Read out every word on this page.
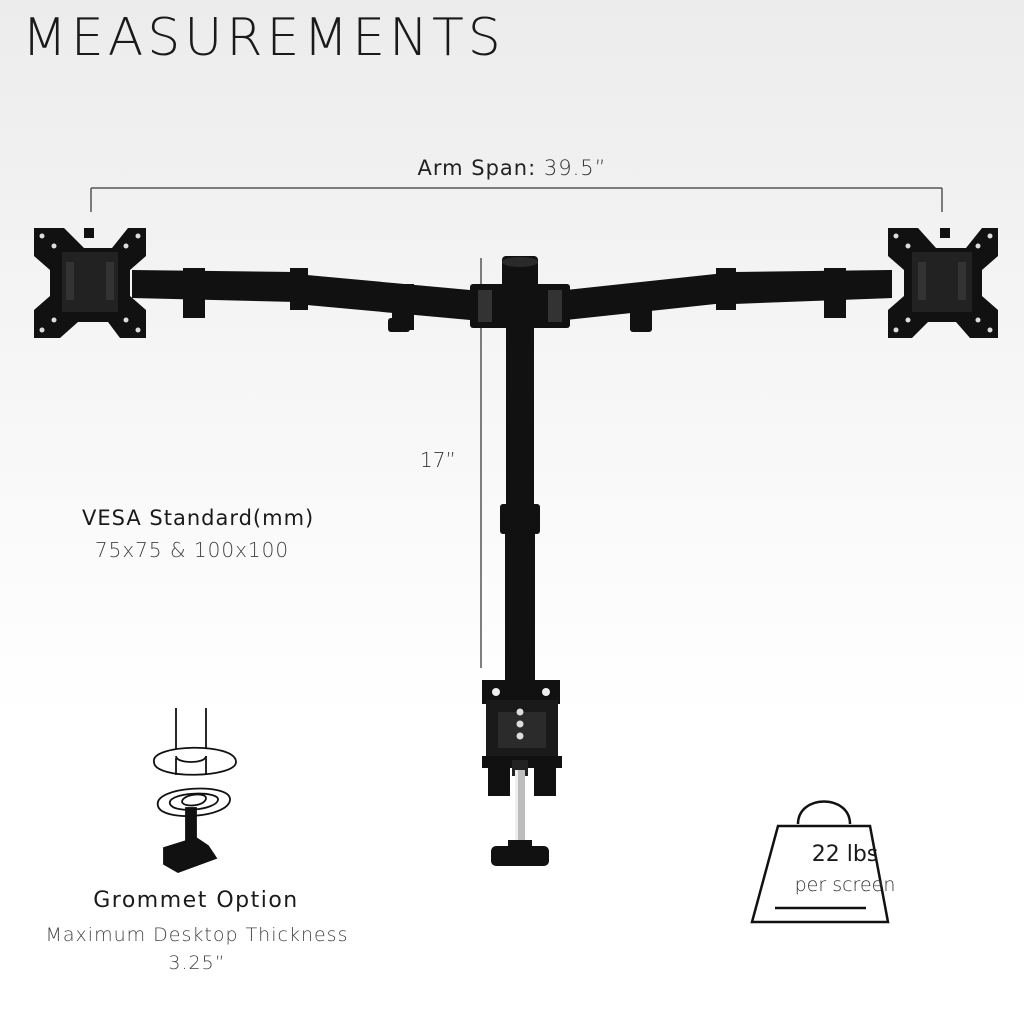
MEASUREMENTS
Arm Span: 39.5”
17”
VESA Standard(mm)
75x75 & 100x100
Grommet Option
Maximum Desktop Thickness
3.25”
22 lbs
per screen
